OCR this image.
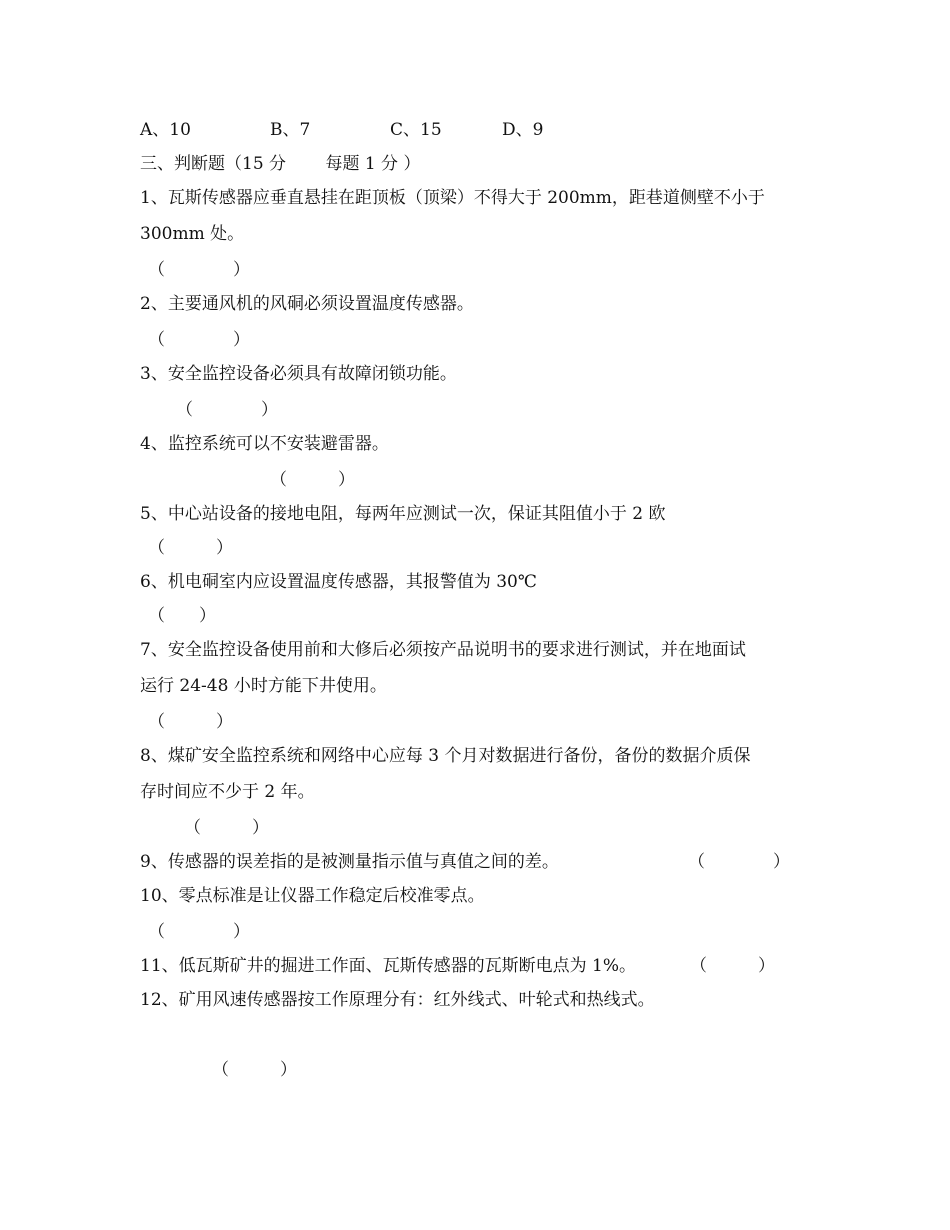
A、10	B、7	C、15	D、9
三、判断题（15 分　　 每题 1 分 ）
1、瓦斯传感器应垂直悬挂在距顶板（顶梁）不得大于 200mm，距巷道侧壁不小于
300mm 处。
（　　　　）
2、主要通风机的风硐必须设置温度传感器。
（　　　　）
3、安全监控设备必须具有故障闭锁功能。
（　　　　）
4、监控系统可以不安装避雷器。
（　　　）
5、中心站设备的接地电阻，每两年应测试一次，保证其阻值小于 2 欧
（　　　）
6、机电硐室内应设置温度传感器，其报警值为 30℃
（　　）
7、安全监控设备使用前和大修后必须按产品说明书的要求进行测试，并在地面试
运行 24-48 小时方能下井使用。
（　　　）
8、煤矿安全监控系统和网络中心应每 3 个月对数据进行备份，备份的数据介质保
存时间应不少于 2 年。
（　　　）
9、传感器的误差指的是被测量指示值与真值之间的差。	（　　　　）
10、零点标准是让仪器工作稳定后校准零点。
（　　　　）
11、低瓦斯矿井的掘进工作面、瓦斯传感器的瓦斯断电点为 1%。	（　　　）
12、矿用风速传感器按工作原理分有：红外线式、叶轮式和热线式。
（　　　）
